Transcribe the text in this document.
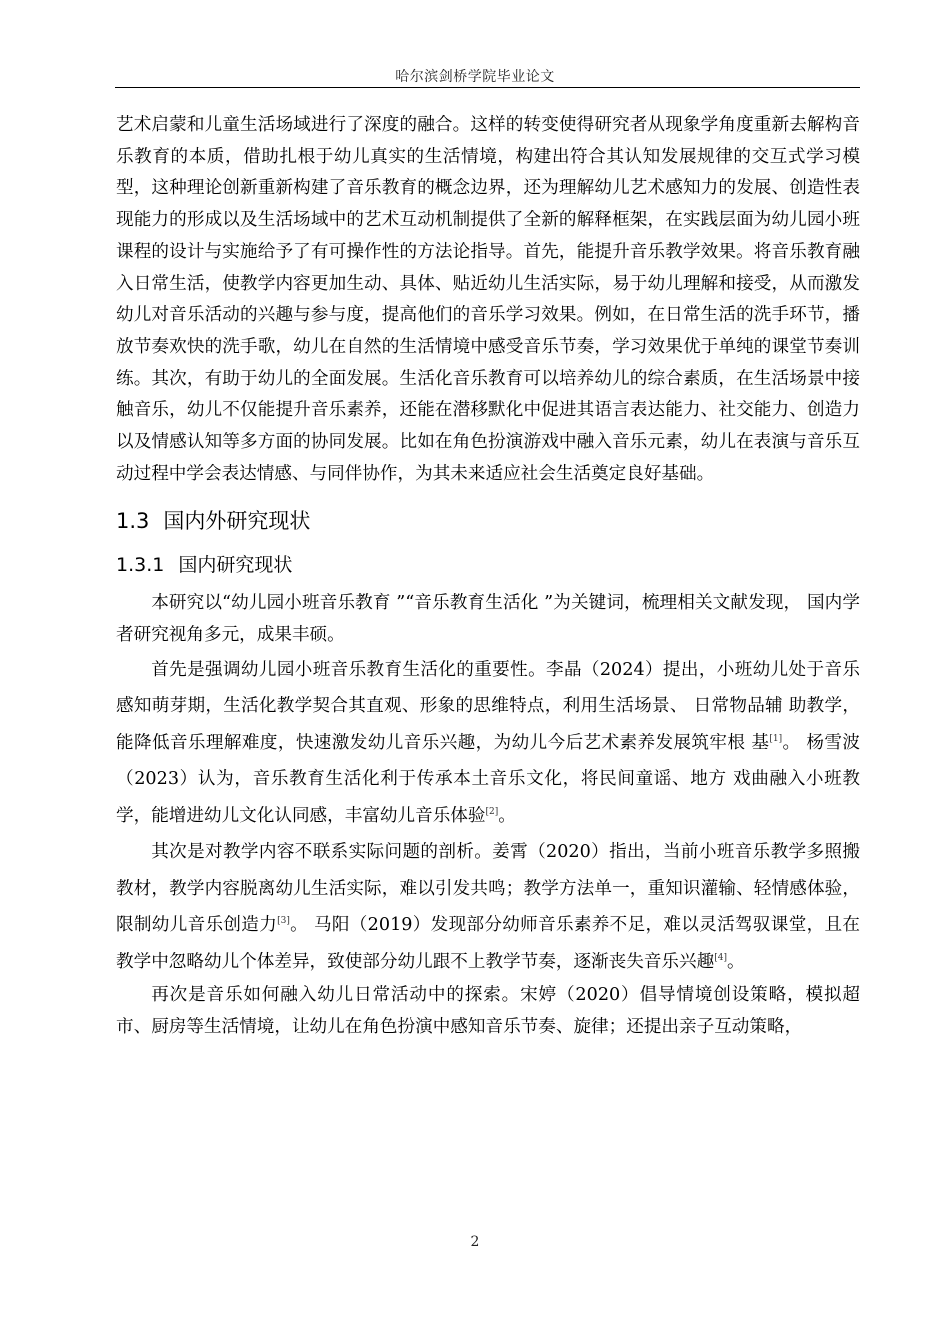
哈尔滨剑桥学院毕业论文

艺术启蒙和儿童生活场域进行了深度的融合。这样的转变使得研究者从现象学角度重新去解构音乐教育的本质，借助扎根于幼儿真实的生活情境，构建出符合其认知发展规律的交互式学习模型，这种理论创新重新构建了音乐教育的概念边界，还为理解幼儿艺术感知力的发展、创造性表现能力的形成以及生活场域中的艺术互动机制提供了全新的解释框架，在实践层面为幼儿园小班课程的设计与实施给予了有可操作性的方法论指导。首先，能提升音乐教学效果。将音乐教育融入日常生活，使教学内容更加生动、具体、贴近幼儿生活实际，易于幼儿理解和接受，从而激发幼儿对音乐活动的兴趣与参与度，提高他们的音乐学习效果。例如，在日常生活的洗手环节，播放节奏欢快的洗手歌，幼儿在自然的生活情境中感受音乐节奏，学习效果优于单纯的课堂节奏训练。其次，有助于幼儿的全面发展。生活化音乐教育可以培养幼儿的综合素质，在生活场景中接触音乐，幼儿不仅能提升音乐素养，还能在潜移默化中促进其语言表达能力、社交能力、创造力以及情感认知等多方面的协同发展。比如在角色扮演游戏中融入音乐元素，幼儿在表演与音乐互动过程中学会表达情感、与同伴协作，为其未来适应社会生活奠定良好基础。

1.3 国内外研究现状
1.3.1 国内研究现状

本研究以“幼儿园小班音乐教育 ”“音乐教育生活化 ”为关键词，梳理相关文献发现， 国内学者研究视角多元，成果丰硕。

首先是强调幼儿园小班音乐教育生活化的重要性。李晶（2024）提出，小班幼儿处于音乐感知萌芽期，生活化教学契合其直观、形象的思维特点，利用生活场景、 日常物品辅 助教学，能降低音乐理解难度，快速激发幼儿音乐兴趣，为幼儿今后艺术素养发展筑牢根 基[1]。 杨雪波（2023）认为，音乐教育生活化利于传承本土音乐文化，将民间童谣、地方 戏曲融入小班教学，能增进幼儿文化认同感，丰富幼儿音乐体验[2]。

其次是对教学内容不联系实际问题的剖析。姜霄（2020）指出，当前小班音乐教学多照搬教材，教学内容脱离幼儿生活实际，难以引发共鸣；教学方法单一，重知识灌输、轻情感体验，限制幼儿音乐创造力[3]。 马阳（2019）发现部分幼师音乐素养不足，难以灵活驾驭课堂，且在教学中忽略幼儿个体差异，致使部分幼儿跟不上教学节奏，逐渐丧失音乐兴趣[4]。

再次是音乐如何融入幼儿日常活动中的探索。宋婷（2020）倡导情境创设策略，模拟超市、厨房等生活情境，让幼儿在角色扮演中感知音乐节奏、旋律；还提出亲子互动策略，

2
